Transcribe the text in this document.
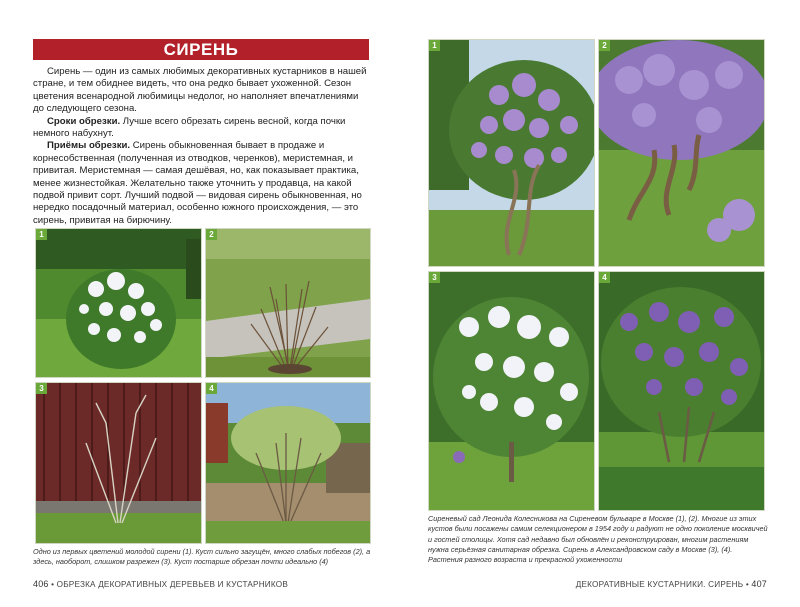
СИРЕНЬ

Сирень — один из самых любимых декоративных кустарников в нашей стране, и тем обиднее видеть, что она редко бывает ухоженной. Сезон цветения всенародной любимицы недолог, но наполняет впечатлениями до следующего сезона.

Сроки обрезки. Лучше всего обрезать сирень весной, когда почки немного набухнут.

Приёмы обрезки. Сирень обыкновенная бывает в продаже и корнесобственная (полученная из отводков, черенков), меристемная, и привитая. Меристемная — самая дешёвая, но, как показывает практика, менее жизнестойкая. Желательно также уточнить у продавца, на какой подвой привит сорт. Лучший подвой — видовая сирень обыкновенная, но нередко посадочный материал, особенно южного происхождения, — это сирень, привитая на бирючину.

1	2
3	4
Одно из первых цветений молодой сирени (1). Куст сильно загущён, много слабых побегов (2), а здесь, наоборот, слишком разрежен (3). Куст постарше обрезан почти идеально (4)
406 • ОБРЕЗКА ДЕКОРАТИВНЫХ ДЕРЕВЬЕВ И КУСТАРНИКОВ
1	2
3	4
Сиреневый сад Леонида Колесникова на Сиреневом бульваре в Москве (1), (2). Многие из этих кустов были посажены самим селекционером в 1954 году и радуют не одно поколение москвичей и гостей столицы. Хотя сад недавно был обновлён и реконструирован, многим растениям нужна серьёзная санитарная обрезка. Сирень в Александровском саду в Москве (3), (4). Растения разного возраста и прекрасной ухоженности
ДЕКОРАТИВНЫЕ КУСТАРНИКИ. СИРЕНЬ • 407
